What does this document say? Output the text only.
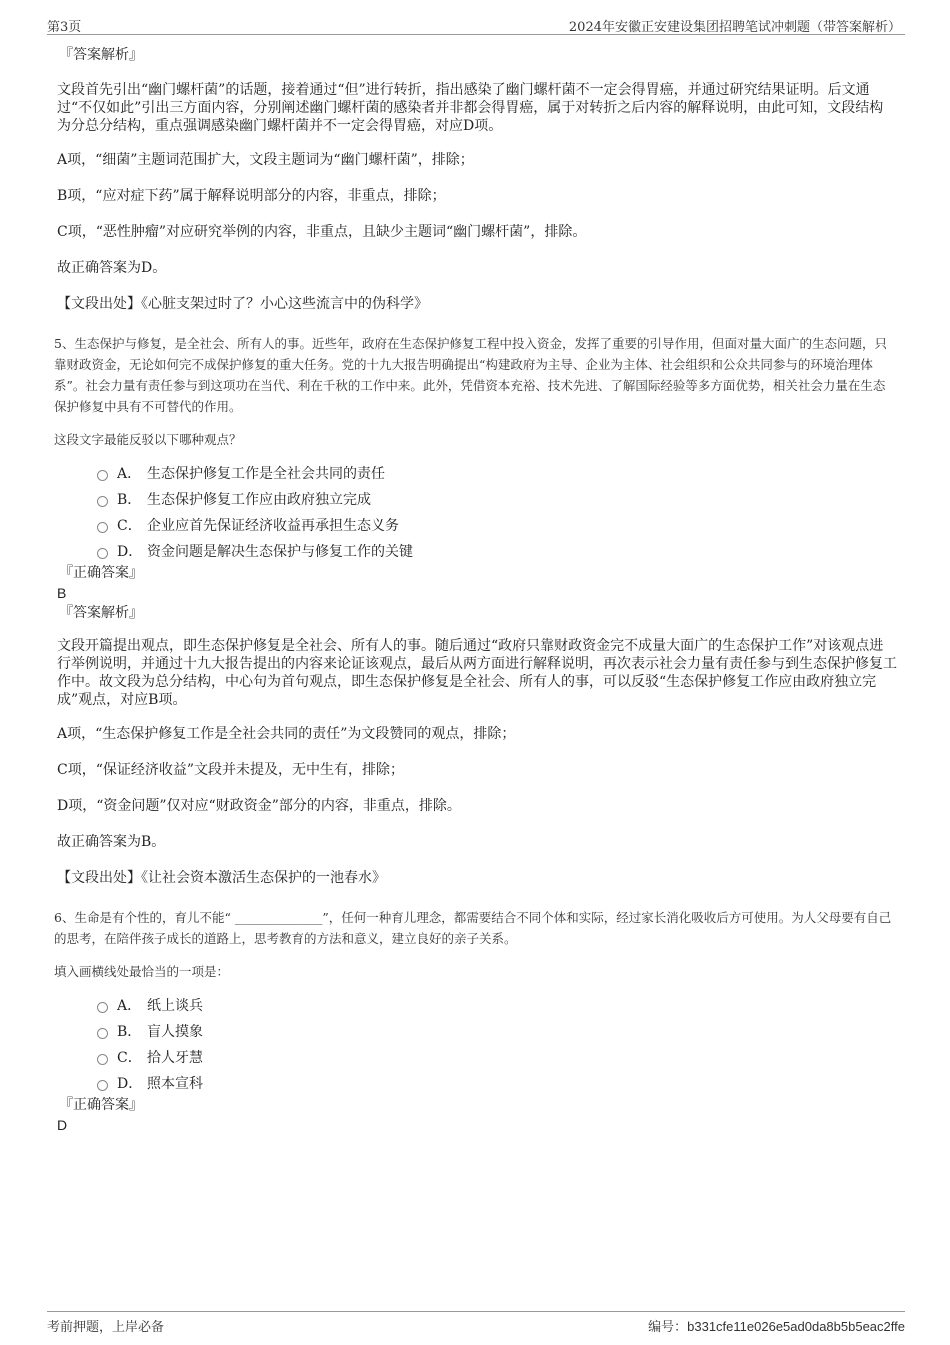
第3页	2024年安徽正安建设集团招聘笔试冲刺题（带答案解析）

『答案解析』

文段首先引出“幽门螺杆菌”的话题，接着通过“但”进行转折，指出感染了幽门螺杆菌不一定会得胃癌，并通过研究结果证明。后文通过“不仅如此”引出三方面内容，分别阐述幽门螺杆菌的感染者并非都会得胃癌，属于对转折之后内容的解释说明，由此可知，文段结构为分总分结构，重点强调感染幽门螺杆菌并不一定会得胃癌，对应D项。

A项，“细菌”主题词范围扩大，文段主题词为“幽门螺杆菌”，排除；

B项，“应对症下药”属于解释说明部分的内容，非重点，排除；

C项，“恶性肿瘤”对应研究举例的内容，非重点，且缺少主题词“幽门螺杆菌”，排除。

故正确答案为D。

【文段出处】《心脏支架过时了？小心这些流言中的伪科学》

5、生态保护与修复，是全社会、所有人的事。近些年，政府在生态保护修复工程中投入资金，发挥了重要的引导作用，但面对量大面广的生态问题，只靠财政资金，无论如何完不成保护修复的重大任务。党的十九大报告明确提出“构建政府为主导、企业为主体、社会组织和公众共同参与的环境治理体系”。社会力量有责任参与到这项功在当代、利在千秋的工作中来。此外，凭借资本充裕、技术先进、了解国际经验等多方面优势，相关社会力量在生态保护修复中具有不可替代的作用。

这段文字最能反驳以下哪种观点？

A． 生态保护修复工作是全社会共同的责任
B． 生态保护修复工作应由政府独立完成
C． 企业应首先保证经济收益再承担生态义务
D． 资金问题是解决生态保护与修复工作的关键

『正确答案』

B

『答案解析』

文段开篇提出观点，即生态保护修复是全社会、所有人的事。随后通过“政府只靠财政资金完不成量大面广的生态保护工作”对该观点进行举例说明，并通过十九大报告提出的内容来论证该观点，最后从两方面进行解释说明，再次表示社会力量有责任参与到生态保护修复工作中。故文段为总分结构，中心句为首句观点，即生态保护修复是全社会、所有人的事，可以反驳“生态保护修复工作应由政府独立完成”观点，对应B项。

A项，“生态保护修复工作是全社会共同的责任”为文段赞同的观点，排除；

C项，“保证经济收益”文段并未提及，无中生有，排除；

D项，“资金问题”仅对应“财政资金”部分的内容，非重点，排除。

故正确答案为B。

【文段出处】《让社会资本激活生态保护的一池春水》

6、生命是有个性的，育儿不能“ ______________”，任何一种育儿理念，都需要结合不同个体和实际，经过家长消化吸收后方可使用。为人父母要有自己的思考，在陪伴孩子成长的道路上，思考教育的方法和意义，建立良好的亲子关系。

填入画横线处最恰当的一项是：

A． 纸上谈兵
B． 盲人摸象
C． 拾人牙慧
D． 照本宣科

『正确答案』

D

考前押题，上岸必备	编号：b331cfe11e026e5ad0da8b5b5eac2ffe
